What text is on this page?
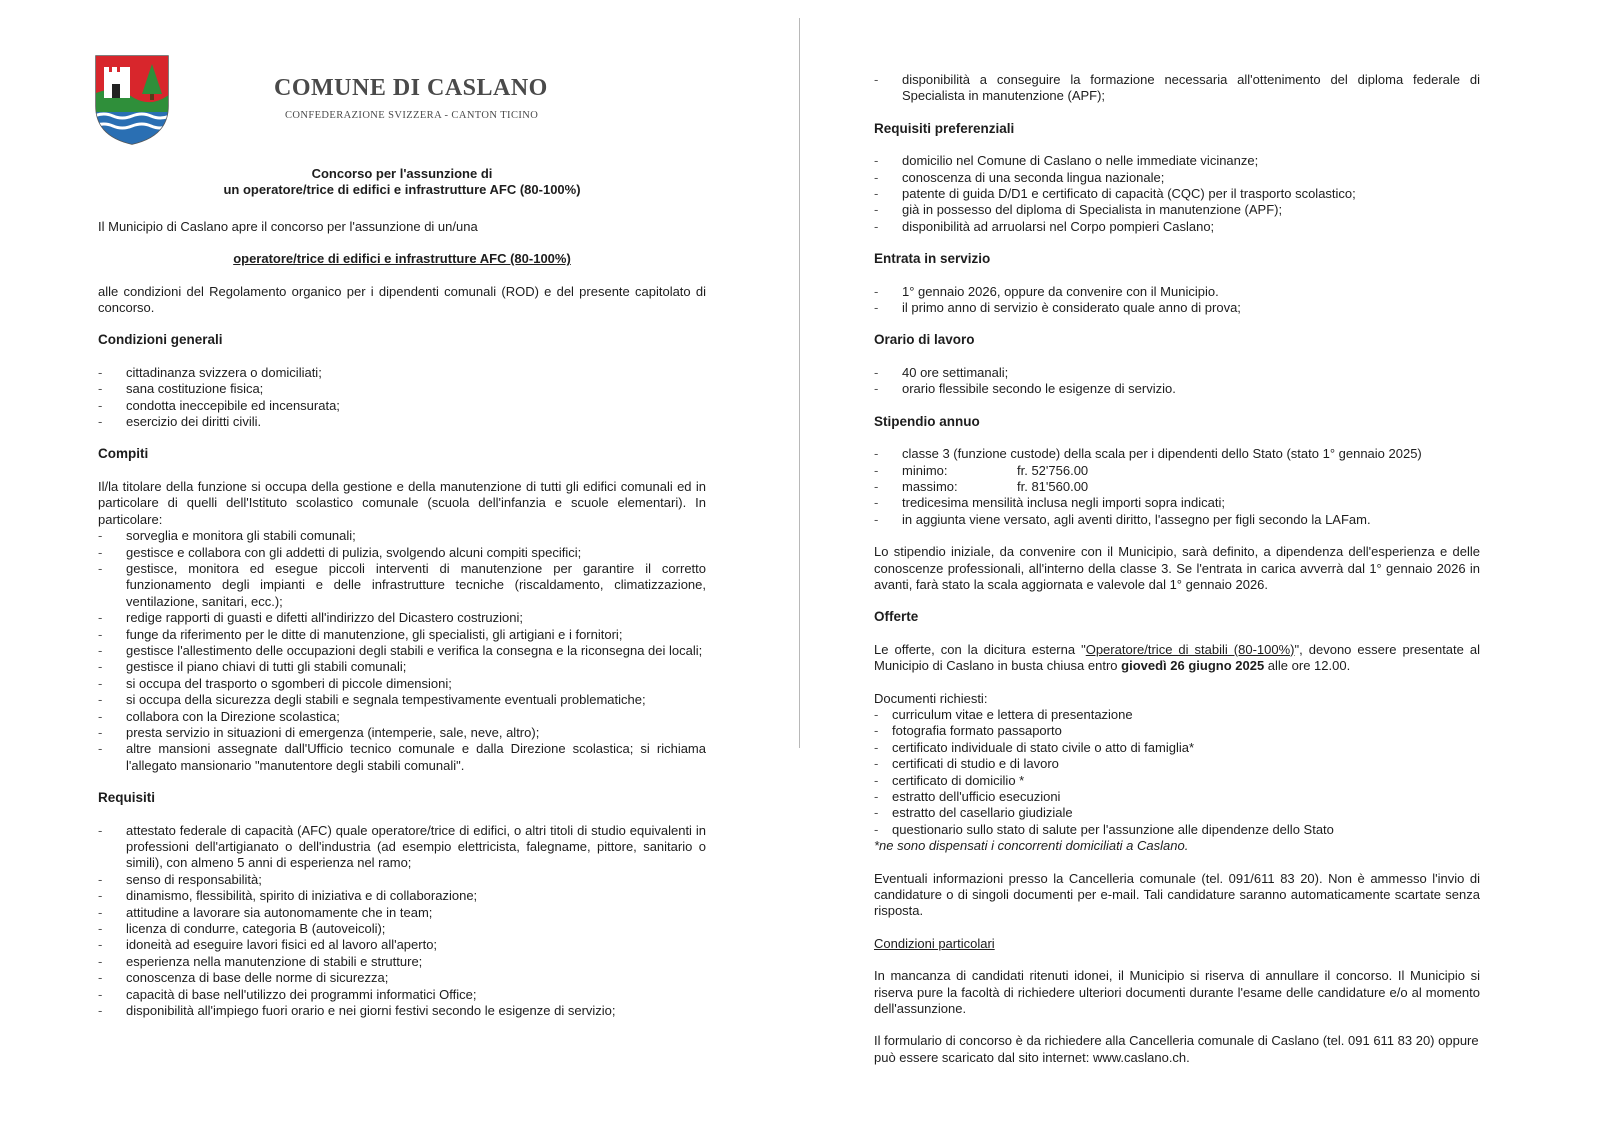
COMUNE DI CASLANO
CONFEDERAZIONE SVIZZERA - CANTON TICINO
Concorso per l'assunzione di
un operatore/trice di edifici e infrastrutture AFC (80-100%)
Il Municipio di Caslano apre il concorso per l'assunzione di un/una
operatore/trice di edifici e infrastrutture AFC (80-100%)
alle condizioni del Regolamento organico per i dipendenti comunali (ROD) e del presente capitolato di concorso.
Condizioni generali
- cittadinanza svizzera o domiciliati;
- sana costituzione fisica;
- condotta ineccepibile ed incensurata;
- esercizio dei diritti civili.
Compiti
Il/la titolare della funzione si occupa della gestione e della manutenzione di tutti gli edifici comunali ed in particolare di quelli dell'Istituto scolastico comunale (scuola dell'infanzia e scuole elementari). In particolare:
- sorveglia e monitora gli stabili comunali;
- gestisce e collabora con gli addetti di pulizia, svolgendo alcuni compiti specifici;
- gestisce, monitora ed esegue piccoli interventi di manutenzione per garantire il corretto funzionamento degli impianti e delle infrastrutture tecniche (riscaldamento, climatizzazione, ventilazione, sanitari, ecc.);
- redige rapporti di guasti e difetti all'indirizzo del Dicastero costruzioni;
- funge da riferimento per le ditte di manutenzione, gli specialisti, gli artigiani e i fornitori;
- gestisce l'allestimento delle occupazioni degli stabili e verifica la consegna e la riconsegna dei locali;
- gestisce il piano chiavi di tutti gli stabili comunali;
- si occupa del trasporto o sgomberi di piccole dimensioni;
- si occupa della sicurezza degli stabili e segnala tempestivamente eventuali problematiche;
- collabora con la Direzione scolastica;
- presta servizio in situazioni di emergenza (intemperie, sale, neve, altro);
- altre mansioni assegnate dall'Ufficio tecnico comunale e dalla Direzione scolastica; si richiama l'allegato mansionario "manutentore degli stabili comunali".
Requisiti
- attestato federale di capacità (AFC) quale operatore/trice di edifici, o altri titoli di studio equivalenti in professioni dell'artigianato o dell'industria (ad esempio elettricista, falegname, pittore, sanitario o simili), con almeno 5 anni di esperienza nel ramo;
- senso di responsabilità;
- dinamismo, flessibilità, spirito di iniziativa e di collaborazione;
- attitudine a lavorare sia autonomamente che in team;
- licenza di condurre, categoria B (autoveicoli);
- idoneità ad eseguire lavori fisici ed al lavoro all'aperto;
- esperienza nella manutenzione di stabili e strutture;
- conoscenza di base delle norme di sicurezza;
- capacità di base nell'utilizzo dei programmi informatici Office;
- disponibilità all'impiego fuori orario e nei giorni festivi secondo le esigenze di servizio;
- disponibilità a conseguire la formazione necessaria all'ottenimento del diploma federale di Specialista in manutenzione (APF);
Requisiti preferenziali
- domicilio nel Comune di Caslano o nelle immediate vicinanze;
- conoscenza di una seconda lingua nazionale;
- patente di guida D/D1 e certificato di capacità (CQC) per il trasporto scolastico;
- già in possesso del diploma di Specialista in manutenzione (APF);
- disponibilità ad arruolarsi nel Corpo pompieri Caslano;
Entrata in servizio
- 1° gennaio 2026, oppure da convenire con il Municipio.
- il primo anno di servizio è considerato quale anno di prova;
Orario di lavoro
- 40 ore settimanali;
- orario flessibile secondo le esigenze di servizio.
Stipendio annuo
- classe 3 (funzione custode) della scala per i dipendenti dello Stato (stato 1° gennaio 2025)
- minimo:	fr. 52'756.00
- massimo:	fr. 81'560.00
- tredicesima mensilità inclusa negli importi sopra indicati;
- in aggiunta viene versato, agli aventi diritto, l'assegno per figli secondo la LAFam.
Lo stipendio iniziale, da convenire con il Municipio, sarà definito, a dipendenza dell'esperienza e delle conoscenze professionali, all'interno della classe 3. Se l'entrata in carica avverrà dal 1° gennaio 2026 in avanti, farà stato la scala aggiornata e valevole dal 1° gennaio 2026.
Offerte
Le offerte, con la dicitura esterna "Operatore/trice di stabili (80-100%)", devono essere presentate al Municipio di Caslano in busta chiusa entro giovedì 26 giugno 2025 alle ore 12.00.
Documenti richiesti:
- curriculum vitae e lettera di presentazione
- fotografia formato passaporto
- certificato individuale di stato civile o atto di famiglia*
- certificati di studio e di lavoro
- certificato di domicilio *
- estratto dell'ufficio esecuzioni
- estratto del casellario giudiziale
- questionario sullo stato di salute per l'assunzione alle dipendenze dello Stato
*ne sono dispensati i concorrenti domiciliati a Caslano.
Eventuali informazioni presso la Cancelleria comunale (tel. 091/611 83 20). Non è ammesso l'invio di candidature o di singoli documenti per e-mail. Tali candidature saranno automaticamente scartate senza risposta.
Condizioni particolari
In mancanza di candidati ritenuti idonei, il Municipio si riserva di annullare il concorso. Il Municipio si riserva pure la facoltà di richiedere ulteriori documenti durante l'esame delle candidature e/o al momento dell'assunzione.
Il formulario di concorso è da richiedere alla Cancelleria comunale di Caslano (tel. 091 611 83 20) oppure può essere scaricato dal sito internet: www.caslano.ch.
